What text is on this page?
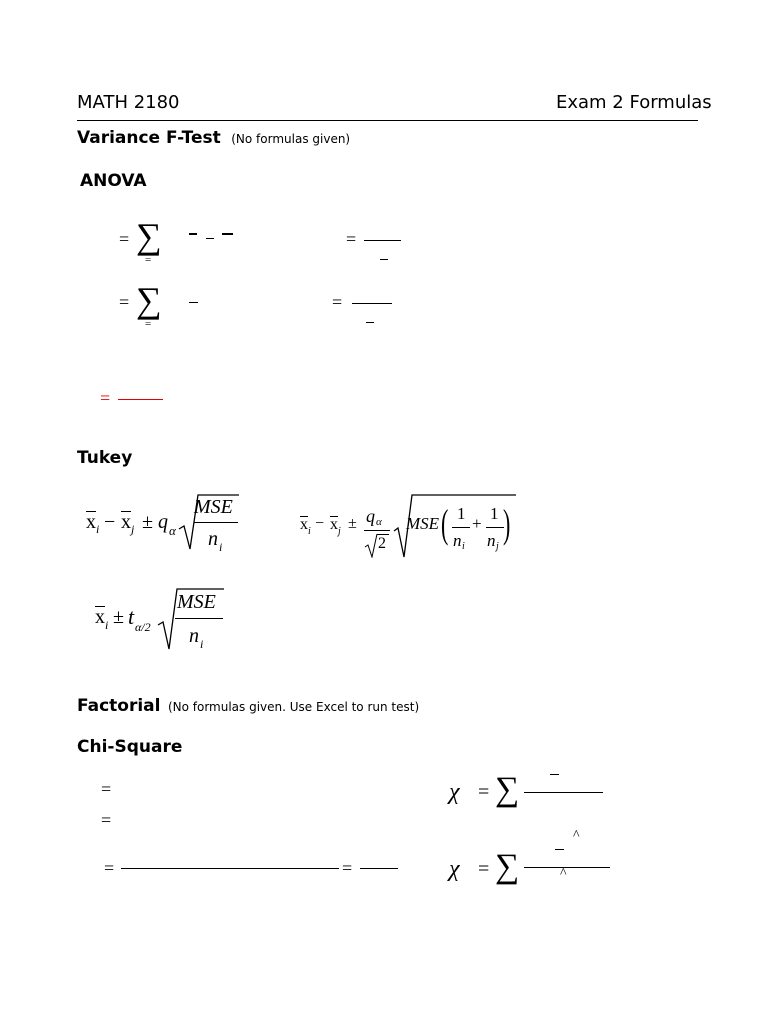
MATH 2180	Exam 2 Formulas
Variance F-Test (No formulas given)
ANOVA
= ∑
=
=
= ∑
=
=
=
Tukey
x i − x j ± q α
MSE
n i
x i − x j ± q α
2
MSE ( 1
n i
+
1
n j
)
x i ± t α/2
MSE
n i
Factorial (No formulas given. Use Excel to run test)
Chi-Square
=
=
=	=
χ = ∑
^
χ = ∑	^
